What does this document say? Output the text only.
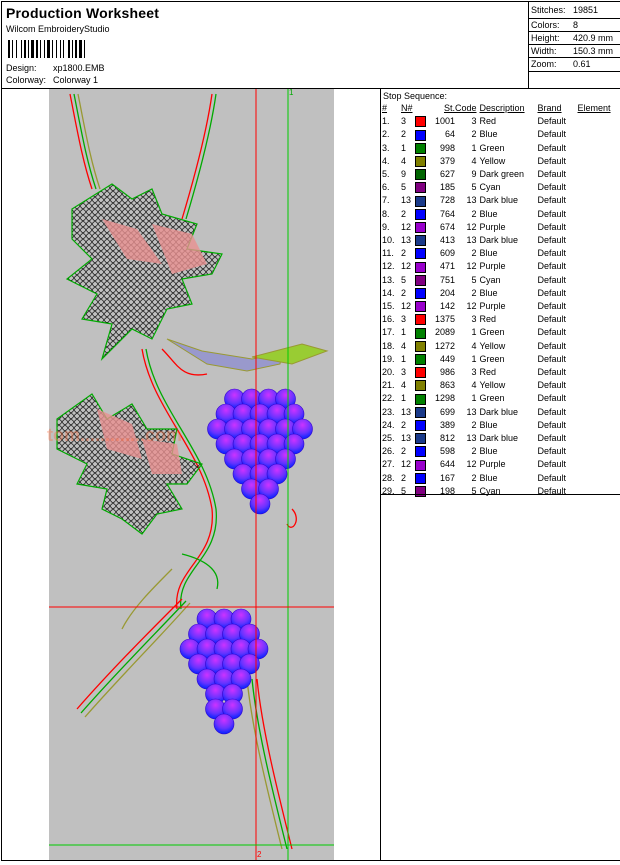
Production Worksheet
Wilcom EmbroideryStudio
Design: xp1800.EMB
Colorway: Colorway 1
Stitches: 19851
Colors: 8
Height: 420.9 mm
Width: 150.3 mm
Zoom: 0.61
tom.............com
2
1	Stop Sequence:
#	N#		St.	Code	Description	Brand	Element
1.	3		1001	3	Red	Default	
2.	2		64	2	Blue	Default	
3.	1		998	1	Green	Default	
4.	4		379	4	Yellow	Default	
5.	9		627	9	Dark green	Default	
6.	5		185	5	Cyan	Default	
7.	13		728	13	Dark blue	Default	
8.	2		764	2	Blue	Default	
9.	12		674	12	Purple	Default	
10.	13		413	13	Dark blue	Default	
11.	2		609	2	Blue	Default	
12.	12		471	12	Purple	Default	
13.	5		751	5	Cyan	Default	
14.	2		204	2	Blue	Default	
15.	12		142	12	Purple	Default	
16.	3		1375	3	Red	Default	
17.	1		2089	1	Green	Default	
18.	4		1272	4	Yellow	Default	
19.	1		449	1	Green	Default	
20.	3		986	3	Red	Default	
21.	4		863	4	Yellow	Default	
22.	1		1298	1	Green	Default	
23.	13		699	13	Dark blue	Default	
24.	2		389	2	Blue	Default	
25.	13		812	13	Dark blue	Default	
26.	2		598	2	Blue	Default	
27.	12		644	12	Purple	Default	
28.	2		167	2	Blue	Default	
29.	5		198	5	Cyan	Default	
